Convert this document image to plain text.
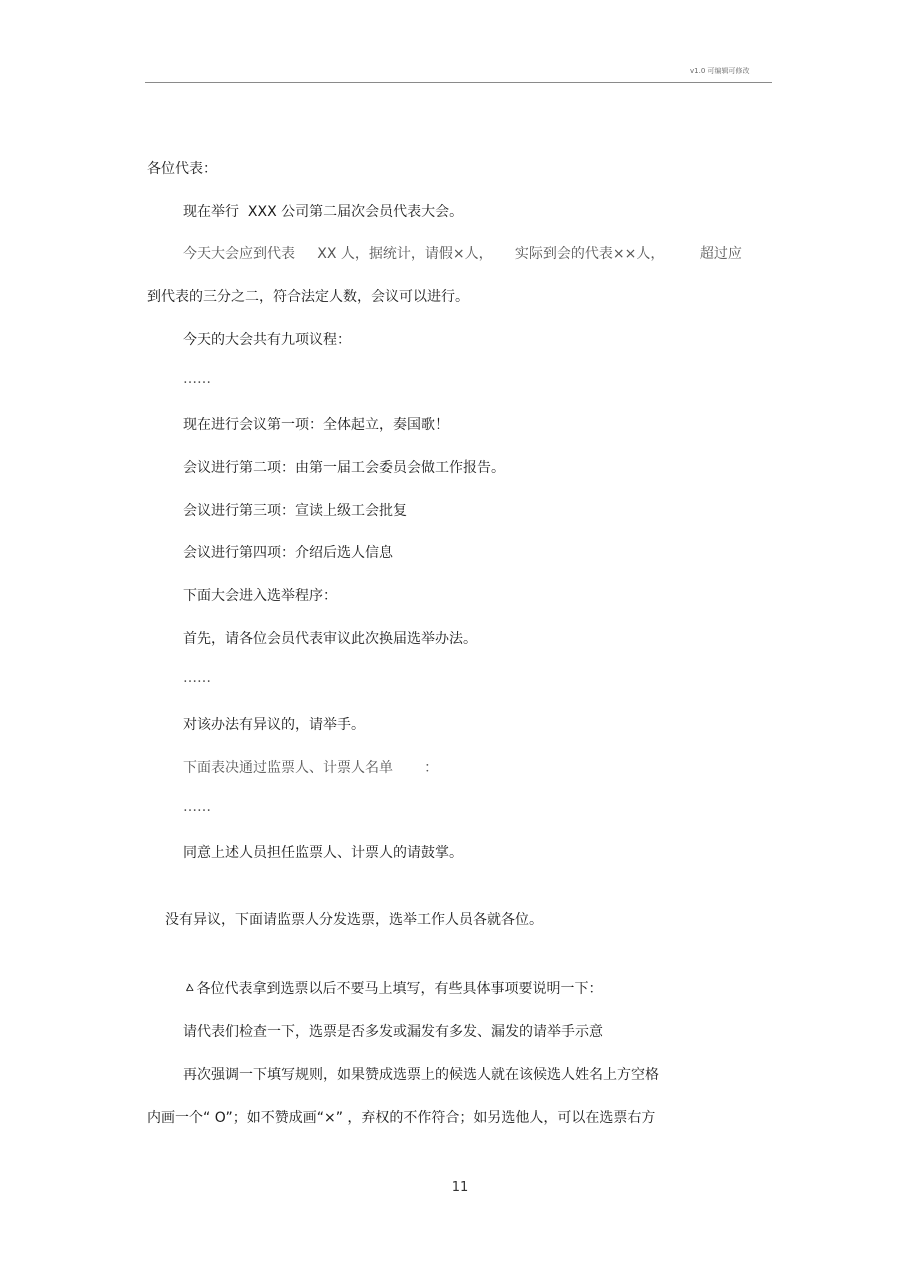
v1.0 可编辑可修改
各位代表：
现在举行  XXX 公司第二届次会员代表大会。
今天大会应到代表     XX 人，据统计，请假×人，     实际到会的代表××人，        超过应
到代表的三分之二，符合法定人数，会议可以进行。
今天的大会共有九项议程：
……
现在进行会议第一项：全体起立，奏国歌！
会议进行第二项：由第一届工会委员会做工作报告。
会议进行第三项：宣读上级工会批复
会议进行第四项：介绍后选人信息
下面大会进入选举程序：
首先，请各位会员代表审议此次换届选举办法。
……
对该办法有异议的，请举手。
下面表决通过监票人、计票人名单       ：
……
同意上述人员担任监票人、计票人的请鼓掌。
没有异议，下面请监票人分发选票，选举工作人员各就各位。
ㅿ各位代表拿到选票以后不要马上填写，有些具体事项要说明一下：
请代表们检查一下，选票是否多发或漏发有多发、漏发的请举手示意
再次强调一下填写规则，如果赞成选票上的候选人就在该候选人姓名上方空格
内画一个“ O”；如不赞成画“×” ，弃权的不作符合；如另选他人，可以在选票右方
11
